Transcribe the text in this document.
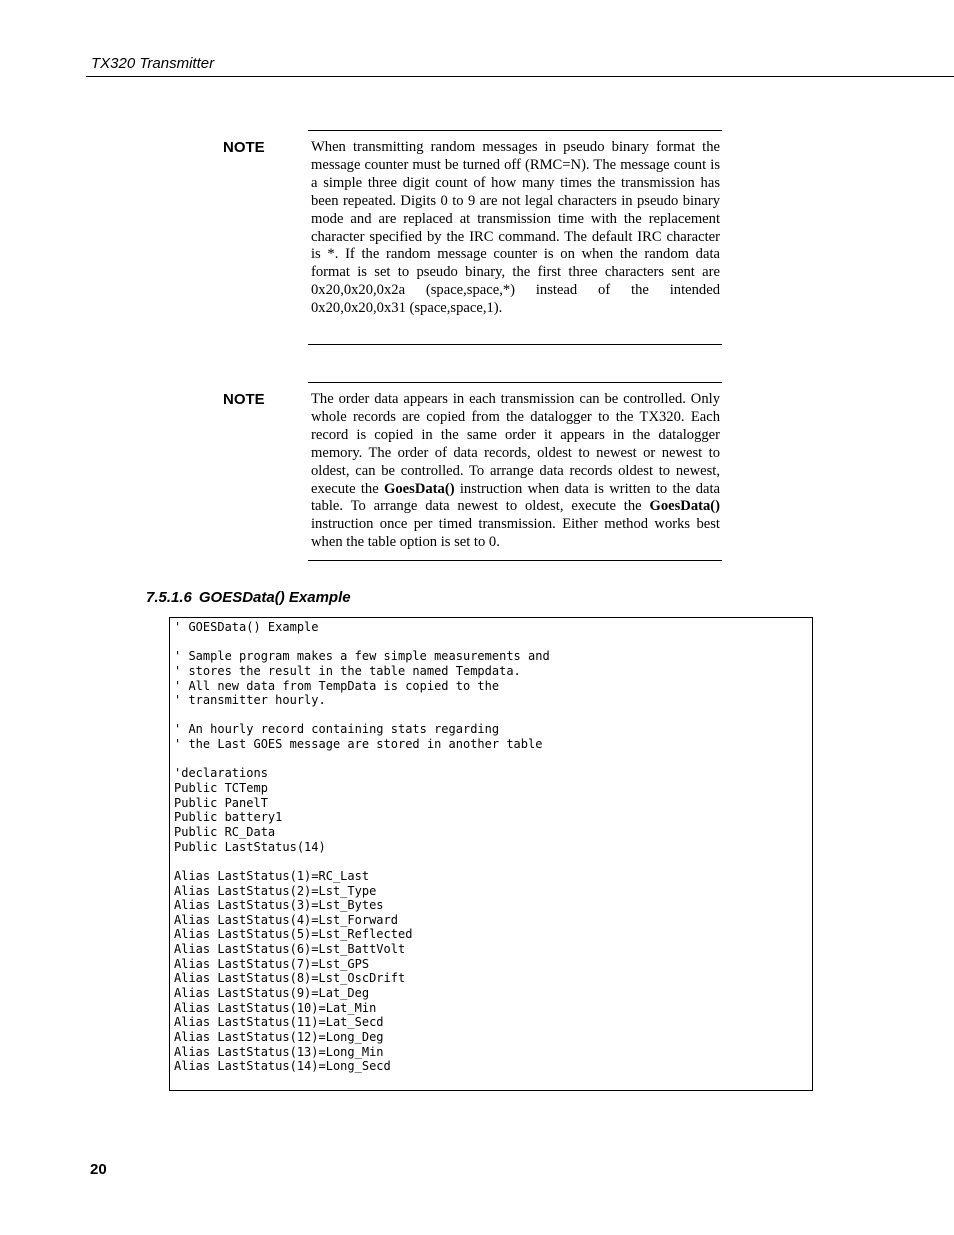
TX320 Transmitter
NOTE	When transmitting random messages in pseudo binary format the message counter must be turned off (RMC=N). The message count is a simple three digit count of how many times the transmission has been repeated. Digits 0 to 9 are not legal characters in pseudo binary mode and are replaced at transmission time with the replacement character specified by the IRC command. The default IRC character is *. If the random message counter is on when the random data format is set to pseudo binary, the first three characters sent are 0x20,0x20,0x2a (space,space,*) instead of the intended 0x20,0x20,0x31 (space,space,1).

NOTE	The order data appears in each transmission can be controlled. Only whole records are copied from the datalogger to the TX320. Each record is copied in the same order it appears in the datalogger memory. The order of data records, oldest to newest or newest to oldest, can be controlled. To arrange data records oldest to newest, execute the GoesData() instruction when data is written to the data table. To arrange data newest to oldest, execute the GoesData() instruction once per timed transmission. Either method works best when the table option is set to 0.

7.5.1.6 GOESData() Example
' GOESData() Example
' Sample program makes a few simple measurements and
' stores the result in the table named Tempdata.
' All new data from TempData is copied to the
' transmitter hourly.
' An hourly record containing stats regarding
' the Last GOES message are stored in another table
'declarations
Public TCTemp
Public PanelT
Public battery1
Public RC_Data
Public LastStatus(14)
Alias LastStatus(1)=RC_Last
Alias LastStatus(2)=Lst_Type
Alias LastStatus(3)=Lst_Bytes
Alias LastStatus(4)=Lst_Forward
Alias LastStatus(5)=Lst_Reflected
Alias LastStatus(6)=Lst_BattVolt
Alias LastStatus(7)=Lst_GPS
Alias LastStatus(8)=Lst_OscDrift
Alias LastStatus(9)=Lat_Deg
Alias LastStatus(10)=Lat_Min
Alias LastStatus(11)=Lat_Secd
Alias LastStatus(12)=Long_Deg
Alias LastStatus(13)=Long_Min
Alias LastStatus(14)=Long_Secd
20
